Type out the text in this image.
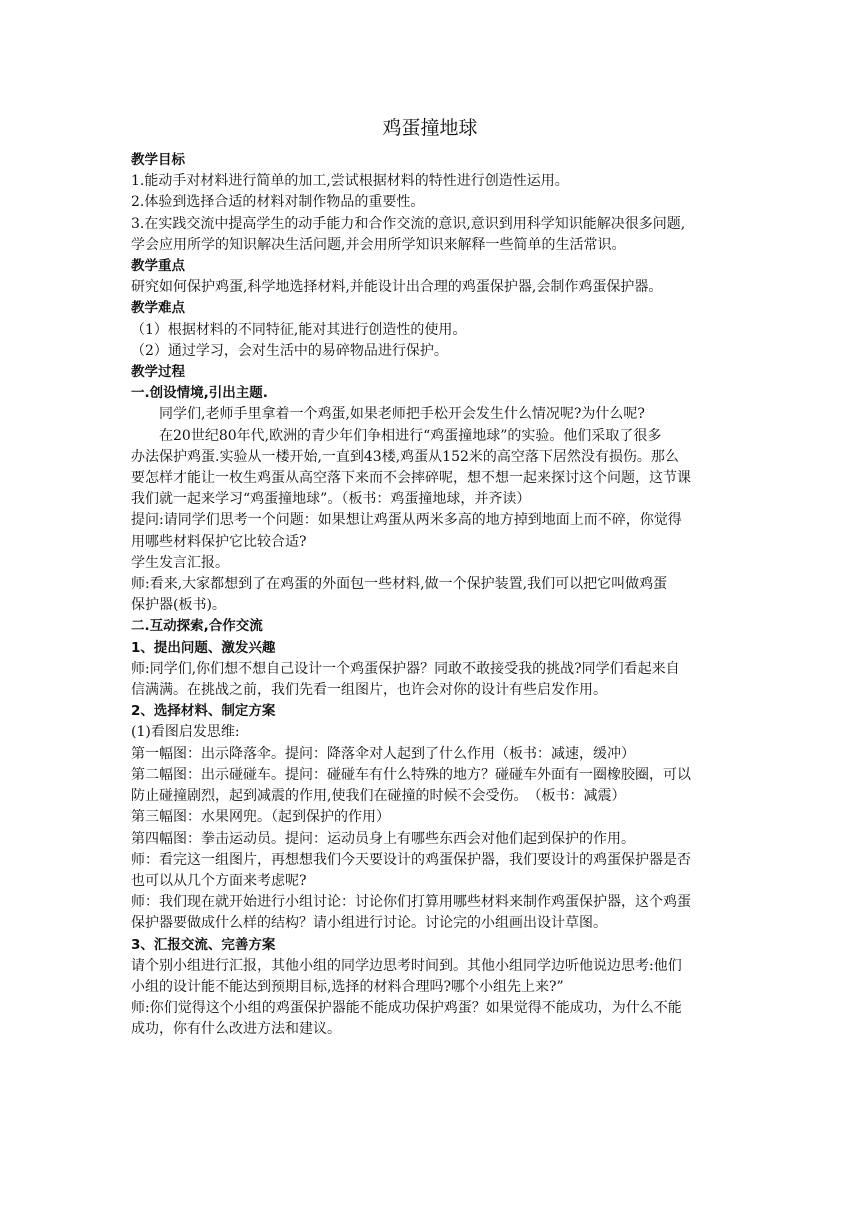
鸡蛋撞地球

教学目标

1.能动手对材料进行简单的加工,尝试根据材料的特性进行创造性运用。

2.体验到选择合适的材料对制作物品的重要性。

3.在实践交流中提高学生的动手能力和合作交流的意识,意识到用科学知识能解决很多问题,

学会应用所学的知识解决生活问题,并会用所学知识来解释一些简单的生活常识。

教学重点

研究如何保护鸡蛋,科学地选择材料,并能设计出合理的鸡蛋保护器,会制作鸡蛋保护器。

教学难点

（1）根据材料的不同特征,能对其进行创造性的使用。

（2）通过学习，会对生活中的易碎物品进行保护。

教学过程

一.创设情境,引出主题.

同学们,老师手里拿着一个鸡蛋,如果老师把手松开会发生什么情况呢?为什么呢?

在20世纪80年代,欧洲的青少年们争相进行“鸡蛋撞地球”的实验。他们采取了很多

办法保护鸡蛋.实验从一楼开始,一直到43楼,鸡蛋从152米的高空落下居然没有损伤。那么

要怎样才能让一枚生鸡蛋从高空落下来而不会摔碎呢，想不想一起来探讨这个问题，这节课

我们就一起来学习“鸡蛋撞地球”。（板书：鸡蛋撞地球，并齐读）

提问:请同学们思考一个问题：如果想让鸡蛋从两米多高的地方掉到地面上而不碎，你觉得

用哪些材料保护它比较合适?

学生发言汇报。

师:看来,大家都想到了在鸡蛋的外面包一些材料,做一个保护装置,我们可以把它叫做鸡蛋

保护器(板书)。

二.互动探索,合作交流

1、提出问题、激发兴趣

师:同学们,你们想不想自己设计一个鸡蛋保护器？同敢不敢接受我的挑战?同学们看起来自

信满满。在挑战之前，我们先看一组图片，也许会对你的设计有些启发作用。

2、选择材料、制定方案

(1)看图启发思维:

第一幅图：出示降落伞。提问：降落伞对人起到了什么作用（板书：减速，缓冲）

第二幅图：出示碰碰车。提问：碰碰车有什么特殊的地方？碰碰车外面有一圈橡胶圈，可以

防止碰撞剧烈，起到减震的作用,使我们在碰撞的时候不会受伤。　（板书：减震）

第三幅图：水果网兜。（起到保护的作用）

第四幅图：拳击运动员。提问：运动员身上有哪些东西会对他们起到保护的作用。

师：看完这一组图片，再想想我们今天要设计的鸡蛋保护器，我们要设计的鸡蛋保护器是否

也可以从几个方面来考虑呢?

师：我们现在就开始进行小组讨论：讨论你们打算用哪些材料来制作鸡蛋保护器，这个鸡蛋

保护器要做成什么样的结构？请小组进行讨论。讨论完的小组画出设计草图。

3、汇报交流、完善方案

请个别小组进行汇报，其他小组的同学边思考时间到。其他小组同学边听他说边思考:他们

小组的设计能不能达到预期目标,选择的材料合理吗?哪个小组先上来?”

师:你们觉得这个小组的鸡蛋保护器能不能成功保护鸡蛋？如果觉得不能成功，为什么不能

成功，你有什么改进方法和建议。
